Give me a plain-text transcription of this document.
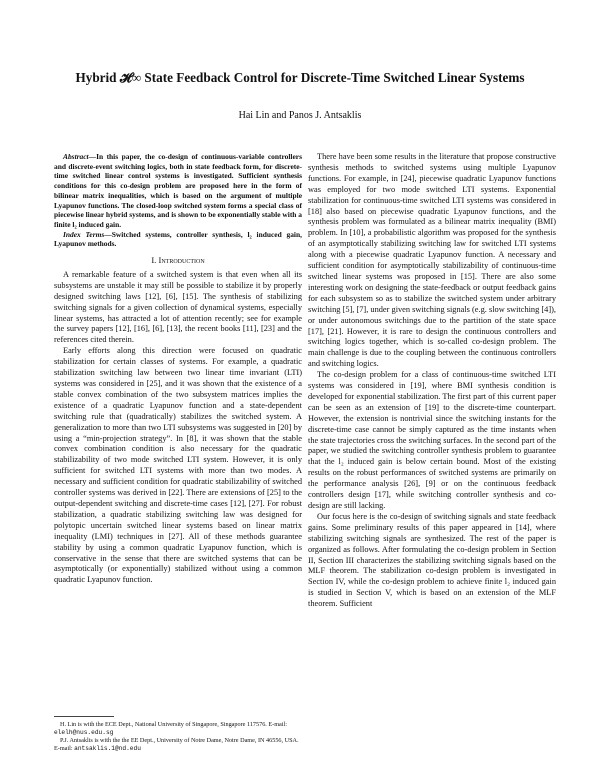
Hybrid 𝓗∞ State Feedback Control for Discrete-Time Switched Linear Systems
Hai Lin and Panos J. Antsaklis

Abstract—In this paper, the co-design of continuous-variable controllers and discrete-event switching logics, both in state feedback form, for discrete-time switched linear control systems is investigated. Sufficient synthesis conditions for this co-design problem are proposed here in the form of bilinear matrix inequalities, which is based on the argument of multiple Lyapunov functions. The closed-loop switched system forms a special class of piecewise linear hybrid systems, and is shown to be exponentially stable with a finite l₂ induced gain.

Index Terms—Switched systems, controller synthesis, l₂ induced gain, Lyapunov methods.

I. Introduction

A remarkable feature of a switched system is that even when all its subsystems are unstable it may still be possible to stabilize it by properly designed switching laws [12], [6], [15]. The synthesis of stabilizing switching signals for a given collection of dynamical systems, especially linear systems, has attracted a lot of attention recently; see for example the survey papers [12], [16], [6], [13], the recent books [11], [23] and the references cited therein.

Early efforts along this direction were focused on quadratic stabilization for certain classes of systems. For example, a quadratic stabilization switching law between two linear time invariant (LTI) systems was considered in [25], and it was shown that the existence of a stable convex combination of the two subsystem matrices implies the existence of a quadratic Lyapunov function and a state-dependent switching rule that (quadratically) stabilizes the switched system. A generalization to more than two LTI subsystems was suggested in [20] by using a “min-projection strategy”. In [8], it was shown that the stable convex combination condition is also necessary for the quadratic stabilizability of two mode switched LTI system. However, it is only sufficient for switched LTI systems with more than two modes. A necessary and sufficient condition for quadratic stabilizability of switched controller systems was derived in [22]. There are extensions of [25] to the output-dependent switching and discrete-time cases [12], [27]. For robust stabilization, a quadratic stabilizing switching law was designed for polytopic uncertain switched linear systems based on linear matrix inequality (LMI) techniques in [27]. All of these methods guarantee stability by using a common quadratic Lyapunov function, which is conservative in the sense that there are switched systems that can be asymptotically (or exponentially) stabilized without using a common quadratic Lyapunov function.

H. Lin is with the ECE Dept., National University of Singapore, Singapore 117576. E-mail: elelh@nus.edu.sg
P.J. Antsaklis is with the the EE Dept., University of Notre Dame, Notre Dame, IN 46556, USA. E-mail: antsaklis.1@nd.edu

There have been some results in the literature that propose constructive synthesis methods to switched systems using multiple Lyapunov functions. For example, in [24], piecewise quadratic Lyapunov functions was employed for two mode switched LTI systems. Exponential stabilization for continuous-time switched LTI systems was considered in [18] also based on piecewise quadratic Lyapunov functions, and the synthesis problem was formulated as a bilinear matrix inequality (BMI) problem. In [10], a probabilistic algorithm was proposed for the synthesis of an asymptotically stabilizing switching law for switched LTI systems along with a piecewise quadratic Lyapunov function. A necessary and sufficient condition for asymptotically stabilizability of continuous-time switched linear systems was proposed in [15]. There are also some interesting work on designing the state-feedback or output feedback gains for each subsystem so as to stabilize the switched system under arbitrary switching [5], [7], under given switching signals (e.g. slow switching [4]), or under autonomous switchings due to the partition of the state space [17], [21]. However, it is rare to design the continuous controllers and switching logics together, which is so-called co-design problem. The main challenge is due to the coupling between the continuous controllers and switching logics.

The co-design problem for a class of continuous-time switched LTI systems was considered in [19], where BMI synthesis condition is developed for exponential stabilization. The first part of this current paper can be seen as an extension of [19] to the discrete-time counterpart. However, the extension is nontrivial since the switching instants for the discrete-time case cannot be simply captured as the time instants when the state trajectories cross the switching surfaces. In the second part of the paper, we studied the switching controller synthesis problem to guarantee that the l₂ induced gain is below certain bound. Most of the existing results on the robust performances of switched systems are primarily on the performance analysis [26], [9] or on the continuous feedback controllers design [17], while switching controller synthesis and co-design are still lacking.

Our focus here is the co-design of switching signals and state feedback gains. Some preliminary results of this paper appeared in [14], where stabilizing switching signals are synthesized. The rest of the paper is organized as follows. After formulating the co-design problem in Section II, Section III characterizes the stabilizing switching signals based on the MLF theorem. The stabilization co-design problem is investigated in Section IV, while the co-design problem to achieve finite l₂ induced gain is studied in Section V, which is based on an extension of the MLF theorem. Sufficient
